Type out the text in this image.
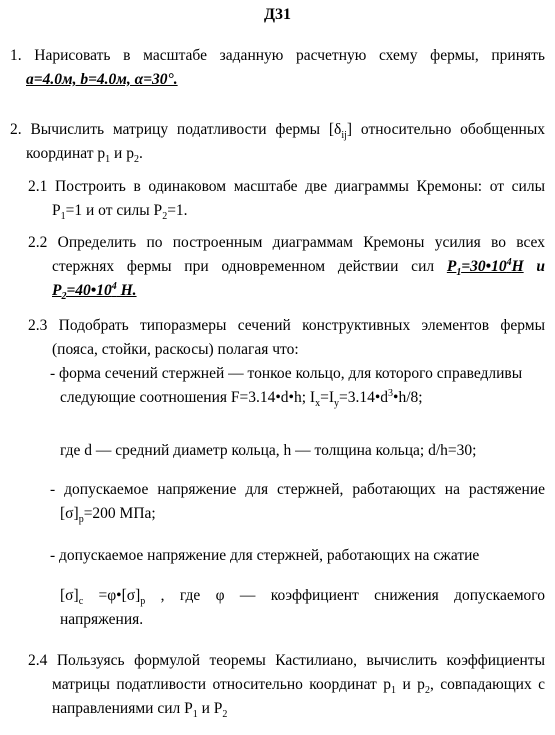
Д31
1. Нарисовать в масштабе заданную расчетную схему фермы, принять
a=4.0м, b=4.0м, α=30°.
2. Вычислить матрицу податливости фермы $[\delta_{ij}]$ относительно обобщенных
координат $p_1$ и $p_2$.
2.1 Построить в одинаковом масштабе две диаграммы Кремоны: от силы
$P_1=1$ и от силы $P_2=1$.
2.2 Определить по построенным диаграммам Кремоны усилия во всех
стержнях фермы при одновременном действии сил $P_1=30•10^4Н$ и
$P_2=40•10^4$ Н.
2.3 Подобрать типоразмеры сечений конструктивных элементов фермы
(пояса, стойки, раскосы) полагая что:
- форма сечений стержней — тонкое кольцо, для которого справедливы
следующие соотношения F=3.14•d•h; $I_x=I_y=3.14•d^3•h/8$;
где d — средний диаметр кольца, h — толщина кольца; d/h=30;
- допускаемое напряжение для стержней, работающих на растяжение
$[\sigma]_р=200$ МПа;
- допускаемое напряжение для стержней, работающих на сжатие
$[\sigma]_c$ $=\varphi•[\sigma]_р$ , где φ — коэффициент снижения допускаемого
напряжения.
2.4 Пользуясь формулой теоремы Кастилиано, вычислить коэффициенты
матрицы податливости относительно координат $p_1$ и $p_2$, совпадающих с
направлениями сил $P_1$ и $P_2$
